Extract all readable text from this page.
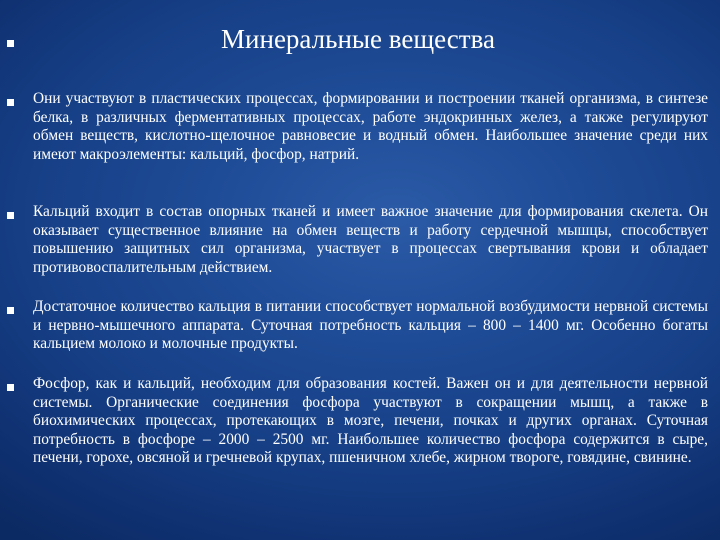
Минеральные вещества
Они участвуют в пластических процессах, формировании и построении тканей организма, в синтезе белка, в различных ферментативных процессах, работе эндокринных желез, а также регулируют обмен веществ, кислотно-щелочное равновесие и водный обмен. Наибольшее значение среди них имеют макроэлементы: кальций, фосфор, натрий.
Кальций входит в состав опорных тканей и имеет важное значение для формирования скелета. Он оказывает существенное влияние на обмен веществ и работу сердечной мышцы, способствует повышению защитных сил организма, участвует в процессах свертывания крови и обладает противовоспалительным действием.
Достаточное количество кальция в питании способствует нормальной возбудимости нервной системы и нервно-мышечного аппарата. Суточная потребность кальция – 800 – 1400 мг. Особенно богаты кальцием молоко и молочные продукты.
Фосфор, как и кальций, необходим для образования костей. Важен он и для деятельности нервной системы. Органические соединения фосфора участвуют в сокращении мышц, а также в биохимических процессах, протекающих в мозге, печени, почках и других органах. Суточная потребность в фосфоре – 2000 – 2500 мг. Наибольшее количество фосфора содержится в сыре, печени, горохе, овсяной и гречневой крупах, пшеничном хлебе, жирном твороге, говядине, свинине.
